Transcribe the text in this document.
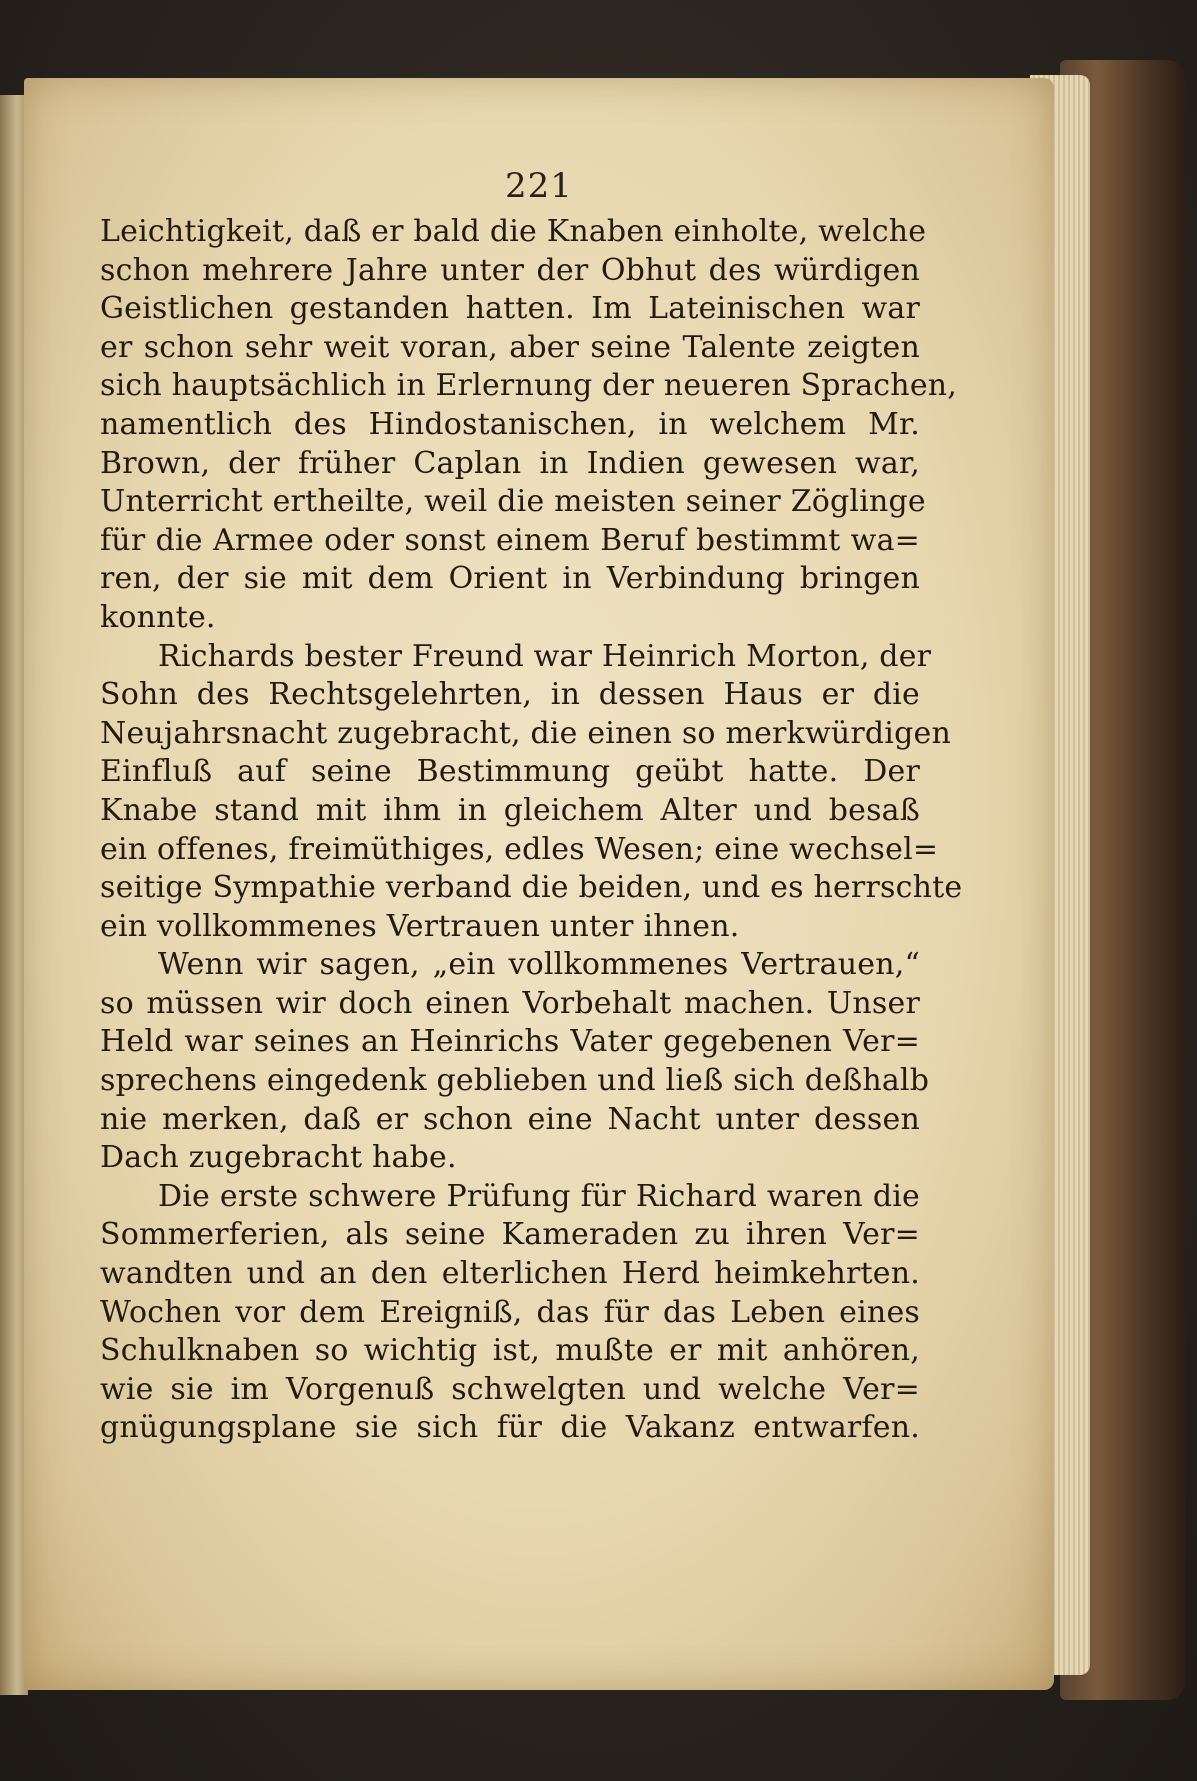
221
Leichtigkeit, daß er bald die Knaben einholte, welche
schon mehrere Jahre unter der Obhut des würdigen
Geistlichen gestanden hatten. Im Lateinischen war
er schon sehr weit voran, aber seine Talente zeigten
sich hauptsächlich in Erlernung der neueren Sprachen,
namentlich des Hindostanischen, in welchem Mr.
Brown, der früher Caplan in Indien gewesen war,
Unterricht ertheilte, weil die meisten seiner Zöglinge
für die Armee oder sonst einem Beruf bestimmt wa=
ren, der sie mit dem Orient in Verbindung bringen
konnte.
Richards bester Freund war Heinrich Morton, der
Sohn des Rechtsgelehrten, in dessen Haus er die
Neujahrsnacht zugebracht, die einen so merkwürdigen
Einfluß auf seine Bestimmung geübt hatte. Der
Knabe stand mit ihm in gleichem Alter und besaß
ein offenes, freimüthiges, edles Wesen; eine wechsel=
seitige Sympathie verband die beiden, und es herrschte
ein vollkommenes Vertrauen unter ihnen.
Wenn wir sagen, „ein vollkommenes Vertrauen,“
so müssen wir doch einen Vorbehalt machen. Unser
Held war seines an Heinrichs Vater gegebenen Ver=
sprechens eingedenk geblieben und ließ sich deßhalb
nie merken, daß er schon eine Nacht unter dessen
Dach zugebracht habe.
Die erste schwere Prüfung für Richard waren die
Sommerferien, als seine Kameraden zu ihren Ver=
wandten und an den elterlichen Herd heimkehrten.
Wochen vor dem Ereigniß, das für das Leben eines
Schulknaben so wichtig ist, mußte er mit anhören,
wie sie im Vorgenuß schwelgten und welche Ver=
gnügungsplane sie sich für die Vakanz entwarfen.
